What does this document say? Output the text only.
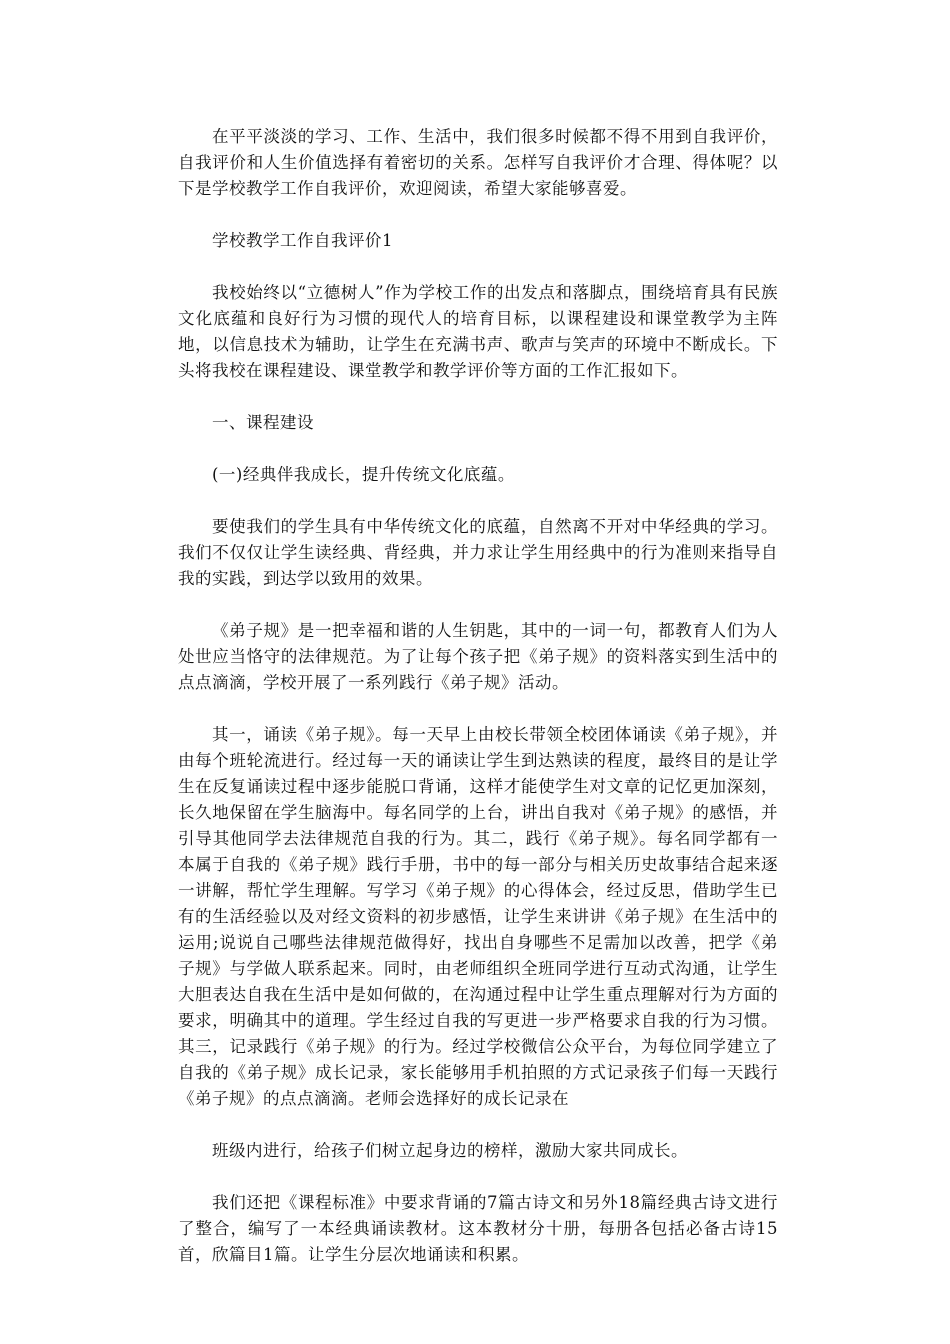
在平平淡淡的学习、工作、生活中，我们很多时候都不得不用到自我评价，自我评价和人生价值选择有着密切的关系。怎样写自我评价才合理、得体呢？以下是学校教学工作自我评价，欢迎阅读，希望大家能够喜爱。

学校教学工作自我评价1

我校始终以“立德树人”作为学校工作的出发点和落脚点，围绕培育具有民族文化底蕴和良好行为习惯的现代人的培育目标，以课程建设和课堂教学为主阵地，以信息技术为辅助，让学生在充满书声、歌声与笑声的环境中不断成长。下头将我校在课程建设、课堂教学和教学评价等方面的工作汇报如下。

一、课程建设

(一)经典伴我成长，提升传统文化底蕴。

要使我们的学生具有中华传统文化的底蕴，自然离不开对中华经典的学习。我们不仅仅让学生读经典、背经典，并力求让学生用经典中的行为准则来指导自我的实践，到达学以致用的效果。

《弟子规》是一把幸福和谐的人生钥匙，其中的一词一句，都教育人们为人处世应当恪守的法律规范。为了让每个孩子把《弟子规》的资料落实到生活中的点点滴滴，学校开展了一系列践行《弟子规》活动。

其一，诵读《弟子规》。每一天早上由校长带领全校团体诵读《弟子规》，并由每个班轮流进行。经过每一天的诵读让学生到达熟读的程度，最终目的是让学生在反复诵读过程中逐步能脱口背诵，这样才能使学生对文章的记忆更加深刻，长久地保留在学生脑海中。每名同学的上台，讲出自我对《弟子规》的感悟，并引导其他同学去法律规范自我的行为。其二，践行《弟子规》。每名同学都有一本属于自我的《弟子规》践行手册，书中的每一部分与相关历史故事结合起来逐一讲解，帮忙学生理解。写学习《弟子规》的心得体会，经过反思，借助学生已有的生活经验以及对经文资料的初步感悟，让学生来讲讲《弟子规》在生活中的运用;说说自己哪些法律规范做得好，找出自身哪些不足需加以改善，把学《弟子规》与学做人联系起来。同时，由老师组织全班同学进行互动式沟通，让学生大胆表达自我在生活中是如何做的，在沟通过程中让学生重点理解对行为方面的要求，明确其中的道理。学生经过自我的写更进一步严格要求自我的行为习惯。其三，记录践行《弟子规》的行为。经过学校微信公众平台，为每位同学建立了自我的《弟子规》成长记录，家长能够用手机拍照的方式记录孩子们每一天践行《弟子规》的点点滴滴。老师会选择好的成长记录在

班级内进行，给孩子们树立起身边的榜样，激励大家共同成长。

我们还把《课程标准》中要求背诵的7篇古诗文和另外18篇经典古诗文进行了整合，编写了一本经典诵读教材。这本教材分十册，每册各包括必备古诗15首，欣篇目1篇。让学生分层次地诵读和积累。
